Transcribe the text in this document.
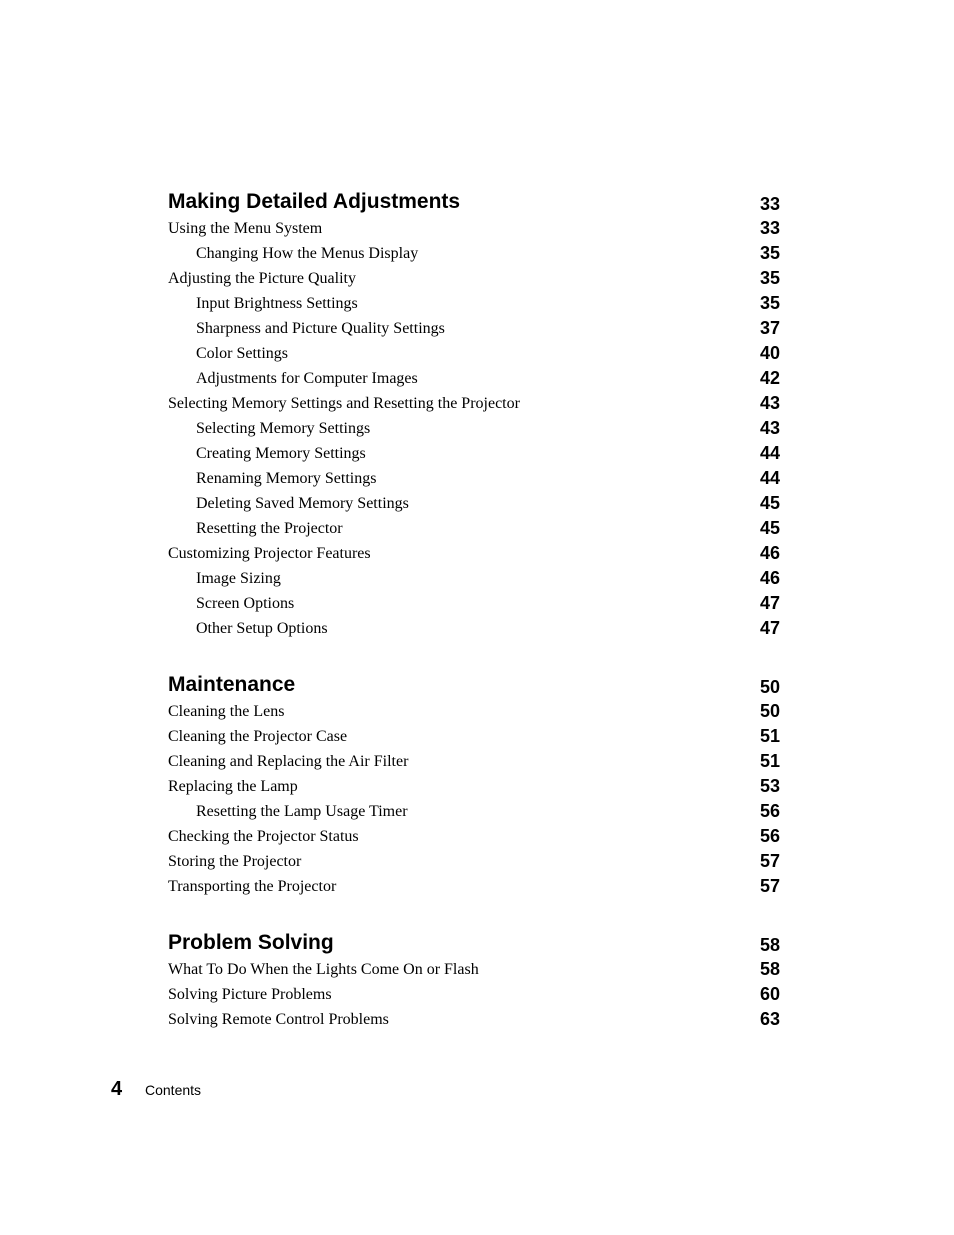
Making Detailed Adjustments	33
Using the Menu System	33
Changing How the Menus Display	35
Adjusting the Picture Quality	35
Input Brightness Settings	35
Sharpness and Picture Quality Settings	37
Color Settings	40
Adjustments for Computer Images	42
Selecting Memory Settings and Resetting the Projector	43
Selecting Memory Settings	43
Creating Memory Settings	44
Renaming Memory Settings	44
Deleting Saved Memory Settings	45
Resetting the Projector	45
Customizing Projector Features	46
Image Sizing	46
Screen Options	47
Other Setup Options	47
Maintenance	50
Cleaning the Lens	50
Cleaning the Projector Case	51
Cleaning and Replacing the Air Filter	51
Replacing the Lamp	53
Resetting the Lamp Usage Timer	56
Checking the Projector Status	56
Storing the Projector	57
Transporting the Projector	57
Problem Solving	58
What To Do When the Lights Come On or Flash	58
Solving Picture Problems	60
Solving Remote Control Problems	63
4 Contents
